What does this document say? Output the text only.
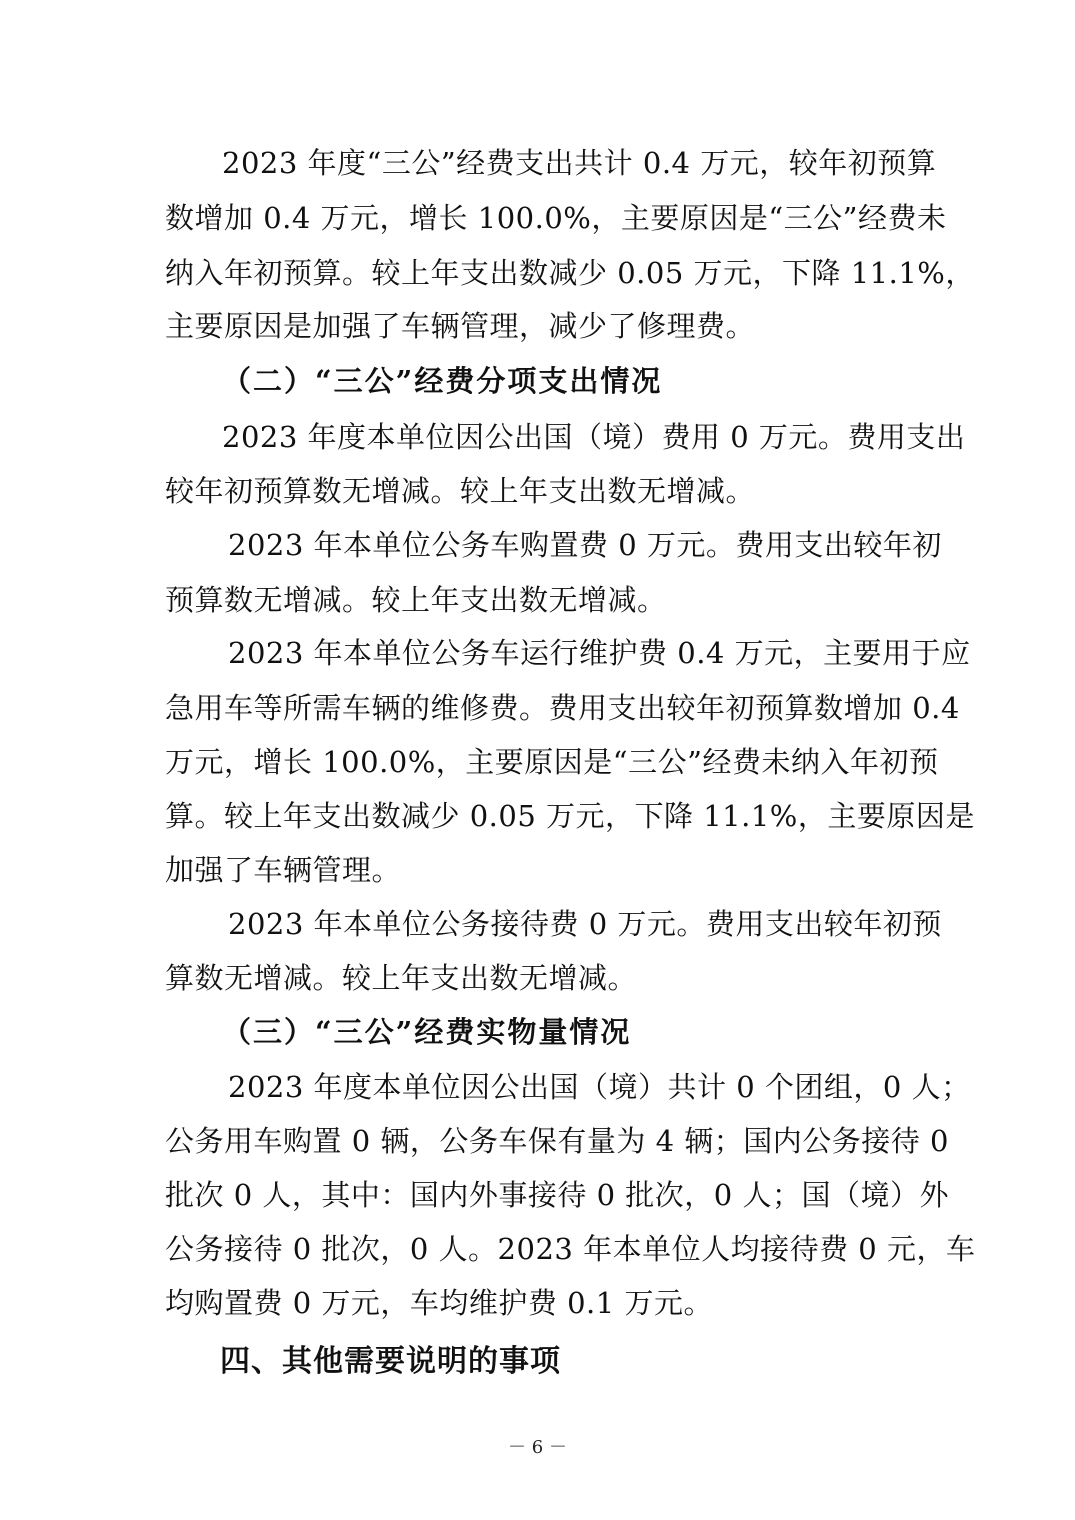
2023 年度“三公”经费支出共计 0.4 万元，较年初预算
数增加 0.4 万元，增长 100.0%，主要原因是“三公”经费未
纳入年初预算。较上年支出数减少 0.05 万元，下降 11.1%，
主要原因是加强了车辆管理，减少了修理费。
（二）“三公”经费分项支出情况
2023 年度本单位因公出国（境）费用 0 万元。费用支出
较年初预算数无增减。较上年支出数无增减。
2023 年本单位公务车购置费 0 万元。费用支出较年初
预算数无增减。较上年支出数无增减。
2023 年本单位公务车运行维护费 0.4 万元，主要用于应
急用车等所需车辆的维修费。费用支出较年初预算数增加 0.4
万元，增长 100.0%，主要原因是“三公”经费未纳入年初预
算。较上年支出数减少 0.05 万元，下降 11.1%，主要原因是
加强了车辆管理。
2023 年本单位公务接待费 0 万元。费用支出较年初预
算数无增减。较上年支出数无增减。
（三）“三公”经费实物量情况
2023 年度本单位因公出国（境）共计 0 个团组，0 人；
公务用车购置 0 辆，公务车保有量为 4 辆；国内公务接待 0
批次 0 人，其中：国内外事接待 0 批次，0 人；国（境）外
公务接待 0 批次，0 人。2023 年本单位人均接待费 0 元，车
均购置费 0 万元，车均维护费 0.1 万元。
四、其他需要说明的事项
－ 6 －
